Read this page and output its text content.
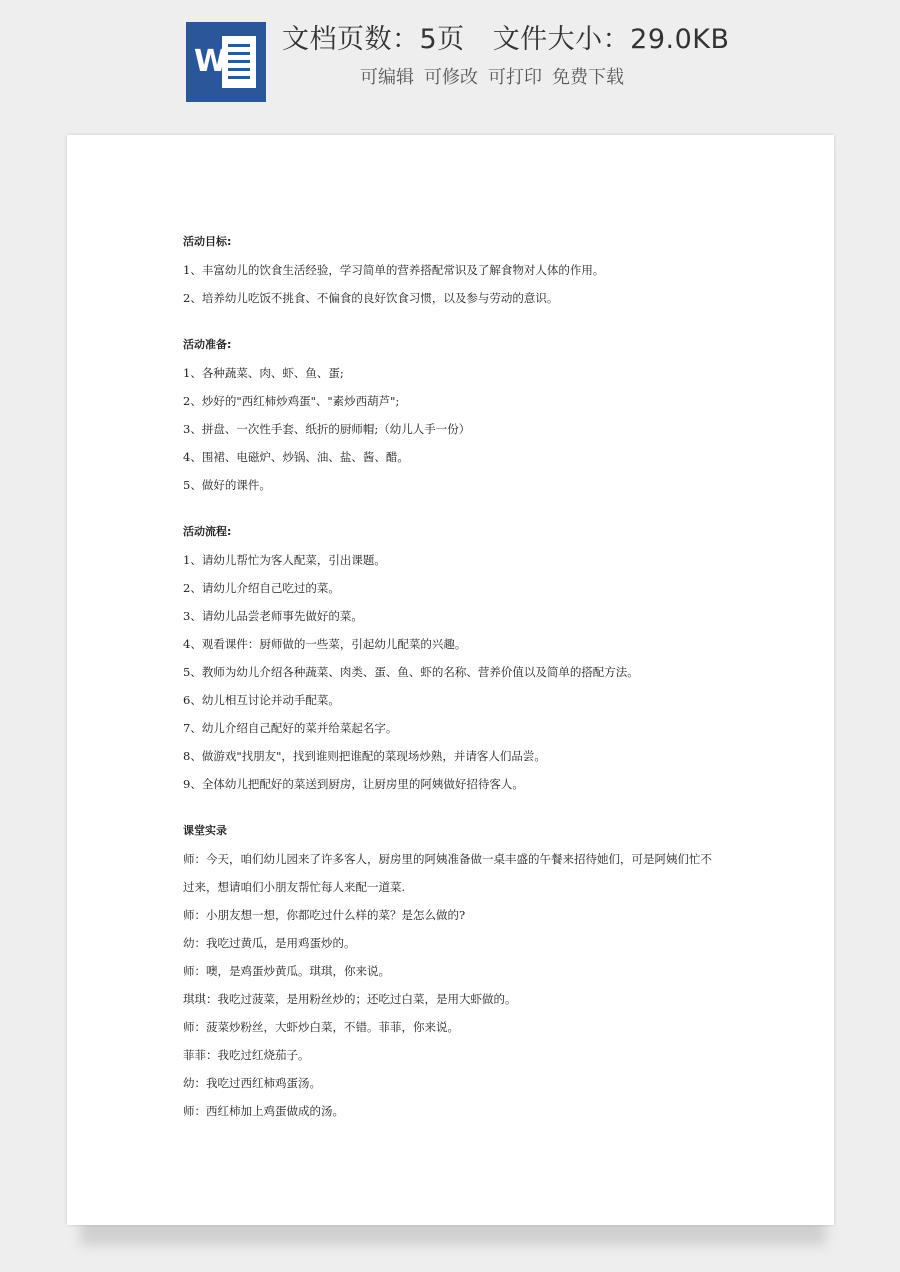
W
文档页数：5页 文件大小：29.0KB
可编辑 可修改 可打印 免费下载
活动目标:
1、丰富幼儿的饮食生活经验，学习简单的营养搭配常识及了解食物对人体的作用。
2、培养幼儿吃饭不挑食、不偏食的良好饮食习惯，以及参与劳动的意识。
活动准备:
1、各种蔬菜、肉、虾、鱼、蛋;
2、炒好的"西红柿炒鸡蛋"、"素炒西葫芦";
3、拼盘、一次性手套、纸折的厨师帽;（幼儿人手一份）
4、围裙、电磁炉、炒锅、油、盐、酱、醋。
5、做好的课件。
活动流程:
1、请幼儿帮忙为客人配菜，引出课题。
2、请幼儿介绍自己吃过的菜。
3、请幼儿品尝老师事先做好的菜。
4、观看课件：厨师做的一些菜，引起幼儿配菜的兴趣。
5、教师为幼儿介绍各种蔬菜、肉类、蛋、鱼、虾的名称、营养价值以及简单的搭配方法。
6、幼儿相互讨论并动手配菜。
7、幼儿介绍自己配好的菜并给菜起名字。
8、做游戏"找朋友"，找到谁则把谁配的菜现场炒熟，并请客人们品尝。
9、全体幼儿把配好的菜送到厨房，让厨房里的阿姨做好招待客人。
课堂实录
师：今天，咱们幼儿园来了许多客人，厨房里的阿姨准备做一桌丰盛的午餐来招待她们，可是阿姨们忙不
过来，想请咱们小朋友帮忙每人来配一道菜.
师：小朋友想一想，你都吃过什么样的菜？是怎么做的?
幼：我吃过黄瓜，是用鸡蛋炒的。
师：噢，是鸡蛋炒黄瓜。琪琪，你来说。
琪琪：我吃过菠菜，是用粉丝炒的；还吃过白菜，是用大虾做的。
师：菠菜炒粉丝，大虾炒白菜，不错。菲菲，你来说。
菲菲：我吃过红烧茄子。
幼：我吃过西红柿鸡蛋汤。
师：西红柿加上鸡蛋做成的汤。
